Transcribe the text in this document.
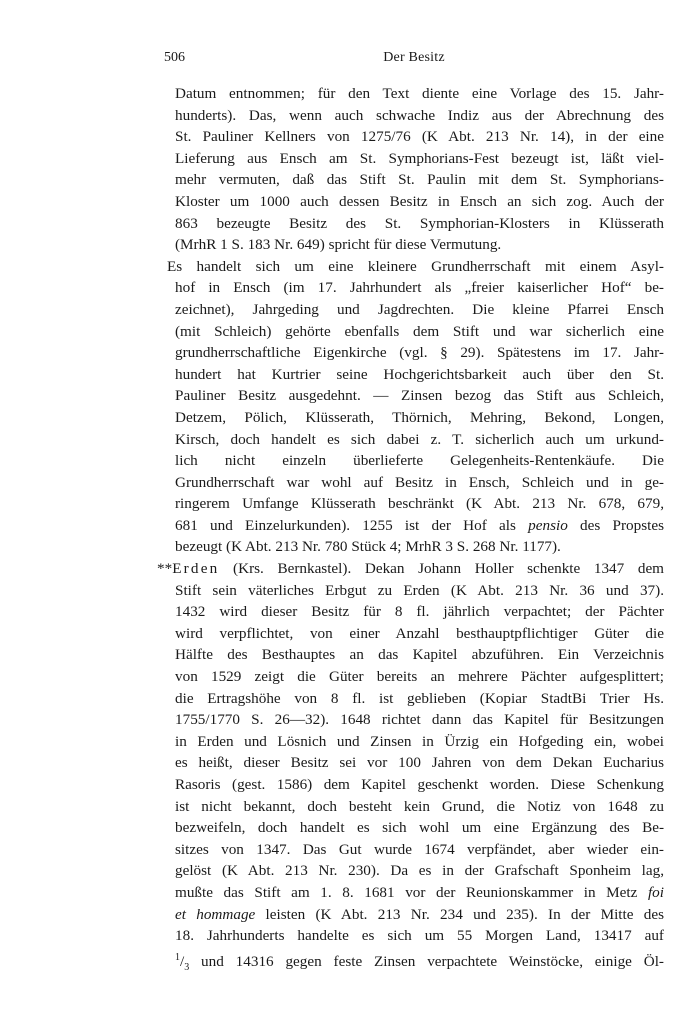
506	Der Besitz
Datum entnommen; für den Text diente eine Vorlage des 15. Jahr-
hunderts). Das, wenn auch schwache Indiz aus der Abrechnung des
St. Pauliner Kellners von 1275/76 (K Abt. 213 Nr. 14), in der eine
Lieferung aus Ensch am St. Symphorians-Fest bezeugt ist, läßt viel-
mehr vermuten, daß das Stift St. Paulin mit dem St. Symphorians-
Kloster um 1000 auch dessen Besitz in Ensch an sich zog. Auch der
863 bezeugte Besitz des St. Symphorian-Klosters in Klüsserath
(MrhR 1 S. 183 Nr. 649) spricht für diese Vermutung.
Es handelt sich um eine kleinere Grundherrschaft mit einem Asyl-
hof in Ensch (im 17. Jahrhundert als „freier kaiserlicher Hof“ be-
zeichnet), Jahrgeding und Jagdrechten. Die kleine Pfarrei Ensch
(mit Schleich) gehörte ebenfalls dem Stift und war sicherlich eine
grundherrschaftliche Eigenkirche (vgl. § 29). Spätestens im 17. Jahr-
hundert hat Kurtrier seine Hochgerichtsbarkeit auch über den St.
Pauliner Besitz ausgedehnt. — Zinsen bezog das Stift aus Schleich,
Detzem, Pölich, Klüsserath, Thörnich, Mehring, Bekond, Longen,
Kirsch, doch handelt es sich dabei z. T. sicherlich auch um urkund-
lich nicht einzeln überlieferte Gelegenheits-Rentenkäufe. Die
Grundherrschaft war wohl auf Besitz in Ensch, Schleich und in ge-
ringerem Umfange Klüsserath beschränkt (K Abt. 213 Nr. 678, 679,
681 und Einzelurkunden). 1255 ist der Hof als pensio des Propstes
bezeugt (K Abt. 213 Nr. 780 Stück 4; MrhR 3 S. 268 Nr. 1177).
**Erden (Krs. Bernkastel). Dekan Johann Holler schenkte 1347 dem
Stift sein väterliches Erbgut zu Erden (K Abt. 213 Nr. 36 und 37).
1432 wird dieser Besitz für 8 fl. jährlich verpachtet; der Pächter
wird verpflichtet, von einer Anzahl besthauptpflichtiger Güter die
Hälfte des Besthauptes an das Kapitel abzuführen. Ein Verzeichnis
von 1529 zeigt die Güter bereits an mehrere Pächter aufgesplittert;
die Ertragshöhe von 8 fl. ist geblieben (Kopiar StadtBi Trier Hs.
1755/1770 S. 26—32). 1648 richtet dann das Kapitel für Besitzungen
in Erden und Lösnich und Zinsen in Ürzig ein Hofgeding ein, wobei
es heißt, dieser Besitz sei vor 100 Jahren von dem Dekan Eucharius
Rasoris (gest. 1586) dem Kapitel geschenkt worden. Diese Schenkung
ist nicht bekannt, doch besteht kein Grund, die Notiz von 1648 zu
bezweifeln, doch handelt es sich wohl um eine Ergänzung des Be-
sitzes von 1347. Das Gut wurde 1674 verpfändet, aber wieder ein-
gelöst (K Abt. 213 Nr. 230). Da es in der Grafschaft Sponheim lag,
mußte das Stift am 1. 8. 1681 vor der Reunionskammer in Metz foi
et hommage leisten (K Abt. 213 Nr. 234 und 235). In der Mitte des
18. Jahrhunderts handelte es sich um 55 Morgen Land, 13417 auf
$^1/_3$ und 14316 gegen feste Zinsen verpachtete Weinstöcke, einige Öl-
